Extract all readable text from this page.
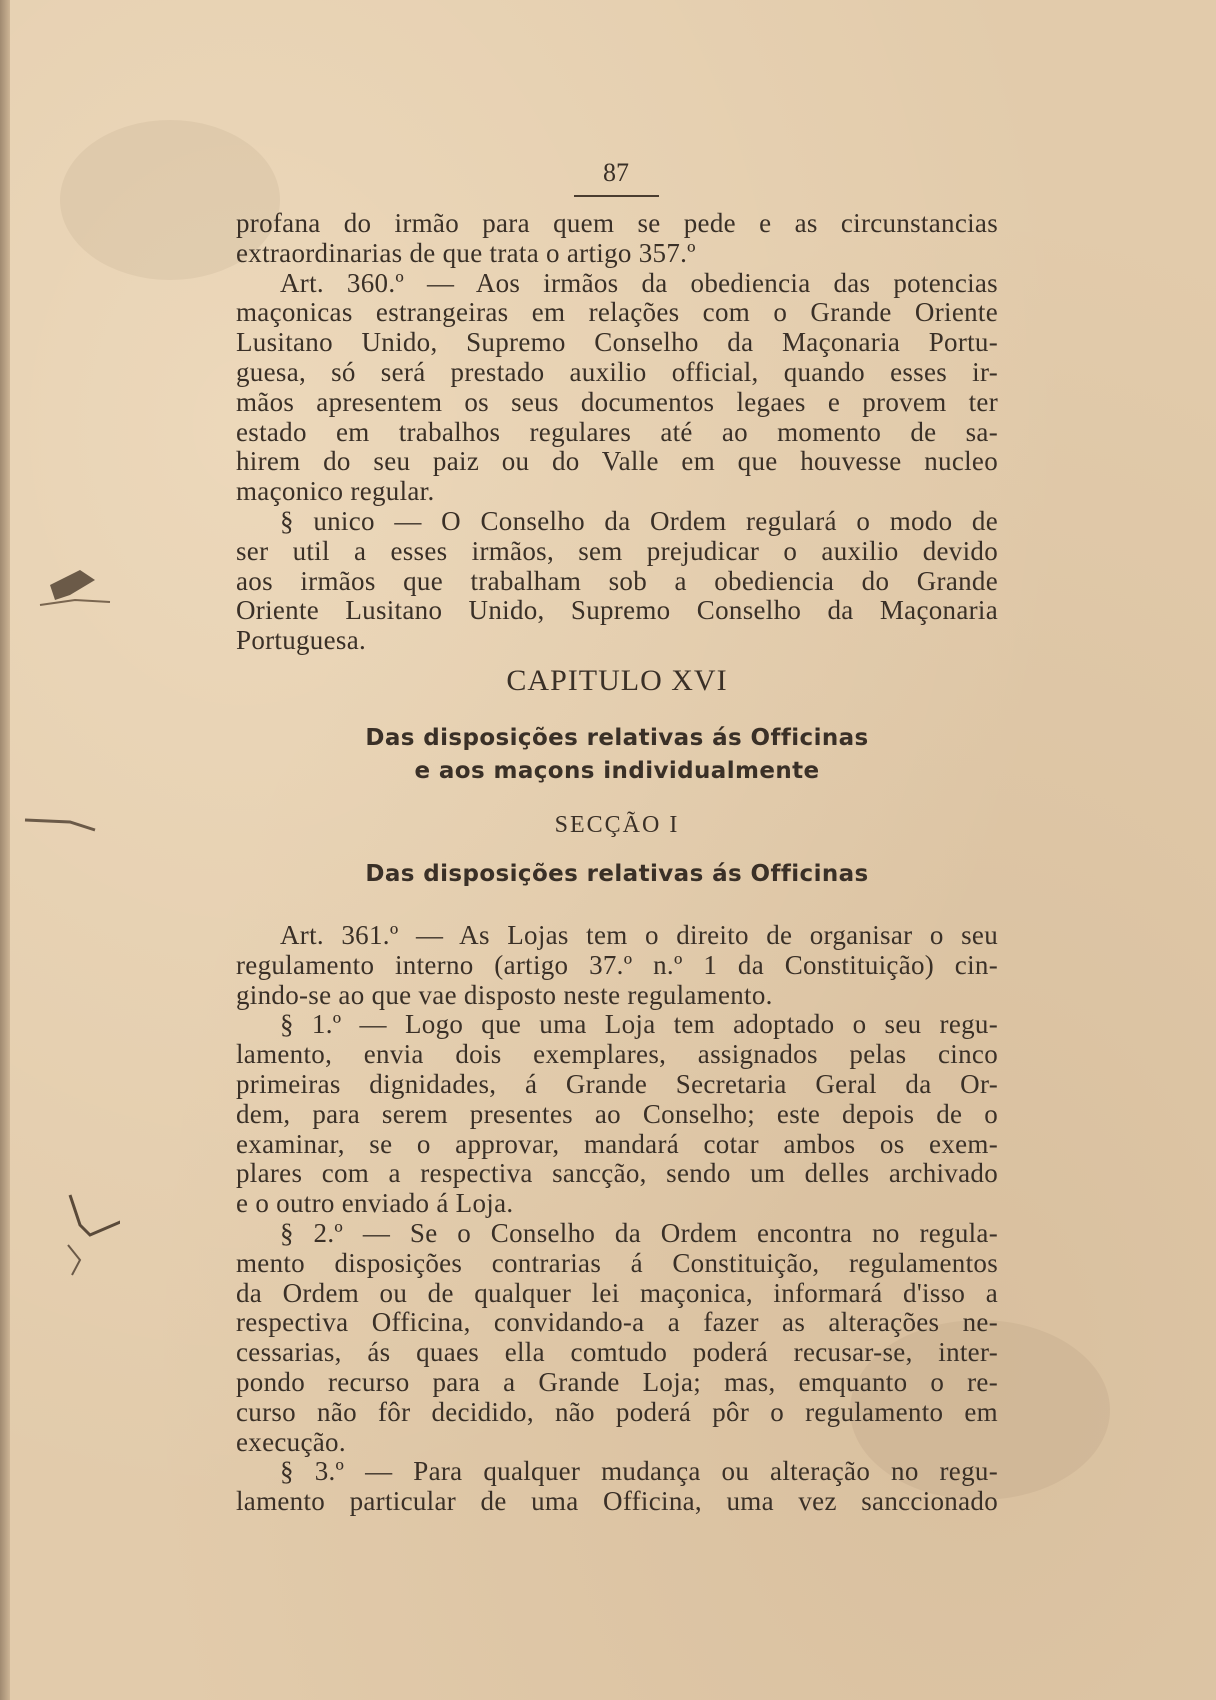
87
profana do irmão para quem se pede e as circunstancias
extraordinarias de que trata o artigo 357.º
Art. 360.º — Aos irmãos da obediencia das potencias
maçonicas estrangeiras em relações com o Grande Oriente
Lusitano Unido, Supremo Conselho da Maçonaria Portu-
guesa, só será prestado auxilio official, quando esses ir-
mãos apresentem os seus documentos legaes e provem ter
estado em trabalhos regulares até ao momento de sa-
hirem do seu paiz ou do Valle em que houvesse nucleo
maçonico regular.
§ unico — O Conselho da Ordem regulará o modo de
ser util a esses irmãos, sem prejudicar o auxilio devido
aos irmãos que trabalham sob a obediencia do Grande
Oriente Lusitano Unido, Supremo Conselho da Maçonaria
Portuguesa.
CAPITULO XVI
Das disposições relativas ás Officinas
e aos maçons individualmente
SECÇÃO I
Das disposições relativas ás Officinas
Art. 361.º — As Lojas tem o direito de organisar o seu
regulamento interno (artigo 37.º n.º 1 da Constituição) cin-
gindo-se ao que vae disposto neste regulamento.
§ 1.º — Logo que uma Loja tem adoptado o seu regu-
lamento, envia dois exemplares, assignados pelas cinco
primeiras dignidades, á Grande Secretaria Geral da Or-
dem, para serem presentes ao Conselho; este depois de o
examinar, se o approvar, mandará cotar ambos os exem-
plares com a respectiva sancção, sendo um delles archivado
e o outro enviado á Loja.
§ 2.º — Se o Conselho da Ordem encontra no regula-
mento disposições contrarias á Constituição, regulamentos
da Ordem ou de qualquer lei maçonica, informará d'isso a
respectiva Officina, convidando-a a fazer as alterações ne-
cessarias, ás quaes ella comtudo poderá recusar-se, inter-
pondo recurso para a Grande Loja; mas, emquanto o re-
curso não fôr decidido, não poderá pôr o regulamento em
execução.
§ 3.º — Para qualquer mudança ou alteração no regu-
lamento particular de uma Officina, uma vez sanccionado
